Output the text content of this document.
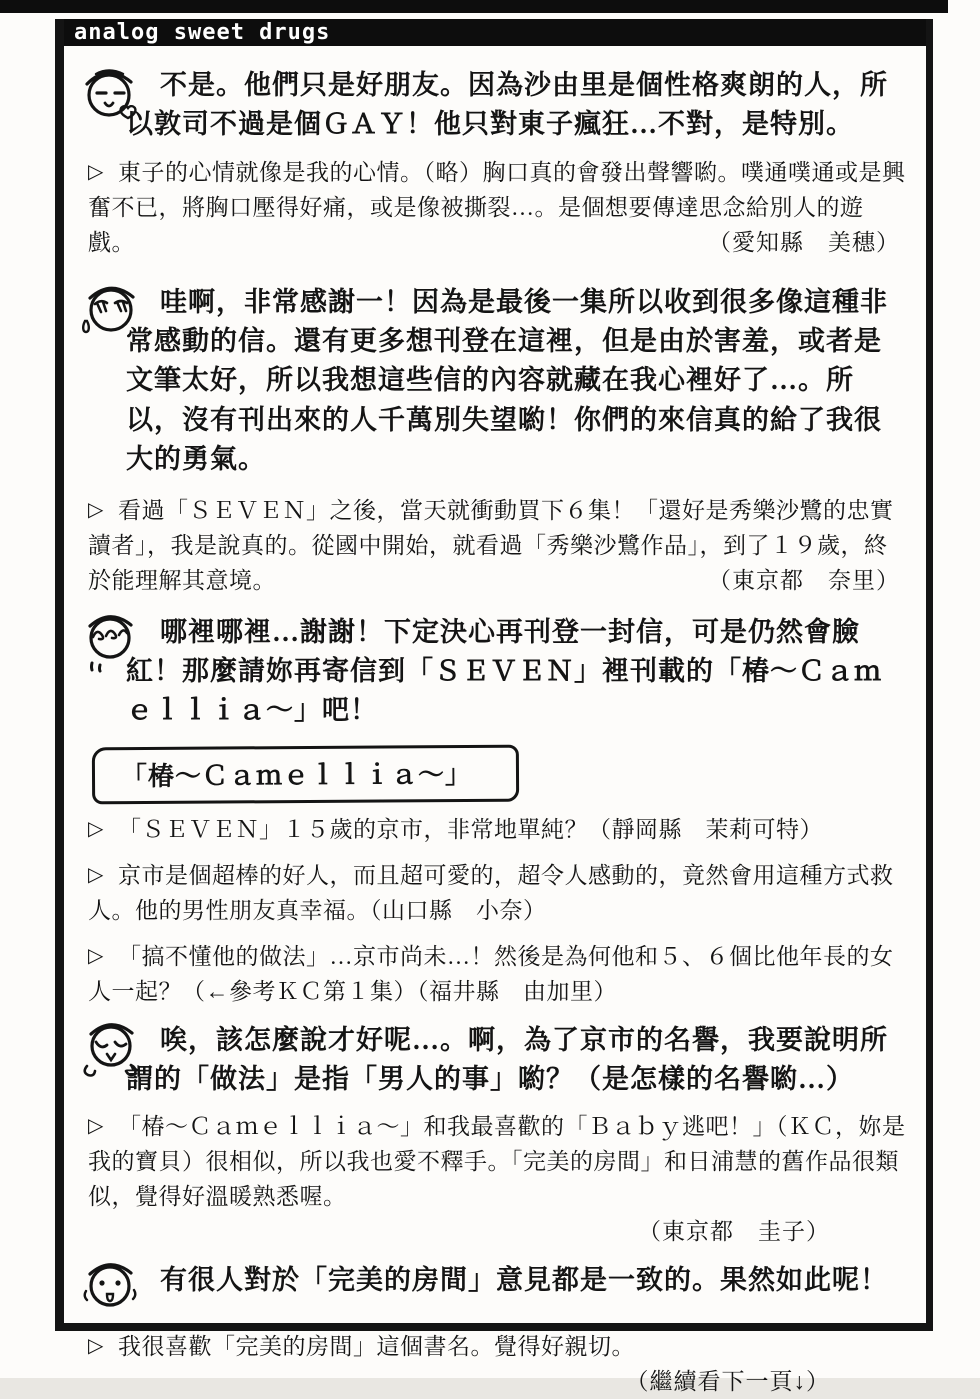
analog sweet drugs

不是。他們只是好朋友。因為沙由里是個性格爽朗的人，所以敦司不過是個ＧＡＹ！他只對東子瘋狂…不對，是特別。

▷ 東子的心情就像是我的心情。（略）胸口真的會發出聲響喲。噗通噗通或是興奮不已，將胸口壓得好痛，或是像被撕裂…。是個想要傳達思念給別人的遊戲。	（愛知縣　美穗）

哇啊，非常感謝一！因為是最後一集所以收到很多像這種非常感動的信。還有更多想刊登在這裡，但是由於害羞，或者是文筆太好，所以我想這些信的內容就藏在我心裡好了…。所以，沒有刊出來的人千萬別失望喲！你們的來信真的給了我很大的勇氣。

▷ 看過「ＳＥＶＥＮ」之後，當天就衝動買下６集！「還好是秀樂沙鷺的忠實讀者」，我是說真的。從國中開始，就看過「秀樂沙鷺作品」，到了１９歲，終於能理解其意境。	（東京都　奈里）

哪裡哪裡…謝謝！下定決心再刊登一封信，可是仍然會臉紅！那麼請妳再寄信到「ＳＥＶＥＮ」裡刊載的「椿～Ｃａｍｅｌｌｉａ～」吧！

「椿～Ｃａｍｅｌｌｉａ～」

▷ 「ＳＥＶＥＮ」１５歲的京市，非常地單純？（靜岡縣　茉莉可特）

▷ 京市是個超棒的好人，而且超可愛的，超令人感動的，竟然會用這種方式救人。他的男性朋友真幸福。（山口縣　小奈）

▷ 「搞不懂他的做法」…京市尚未…！然後是為何他和５、６個比他年長的女人一起？（←參考ＫＣ第１集）（福井縣　由加里）

唉，該怎麼說才好呢…。啊，為了京市的名譽，我要說明所謂的「做法」是指「男人的事」喲？（是怎樣的名譽喲…）

▷ 「椿～Ｃａｍｅｌｌｉａ～」和我最喜歡的「Ｂａｂｙ逃吧！」（ＫＣ，妳是我的寶貝）很相似，所以我也愛不釋手。「完美的房間」和日浦慧的舊作品很類似，覺得好溫暖熟悉喔。

（東京都　圭子）

有很人對於「完美的房間」意見都是一致的。果然如此呢！

▷ 我很喜歡「完美的房間」這個書名。覺得好親切。

（繼續看下一頁↓）
